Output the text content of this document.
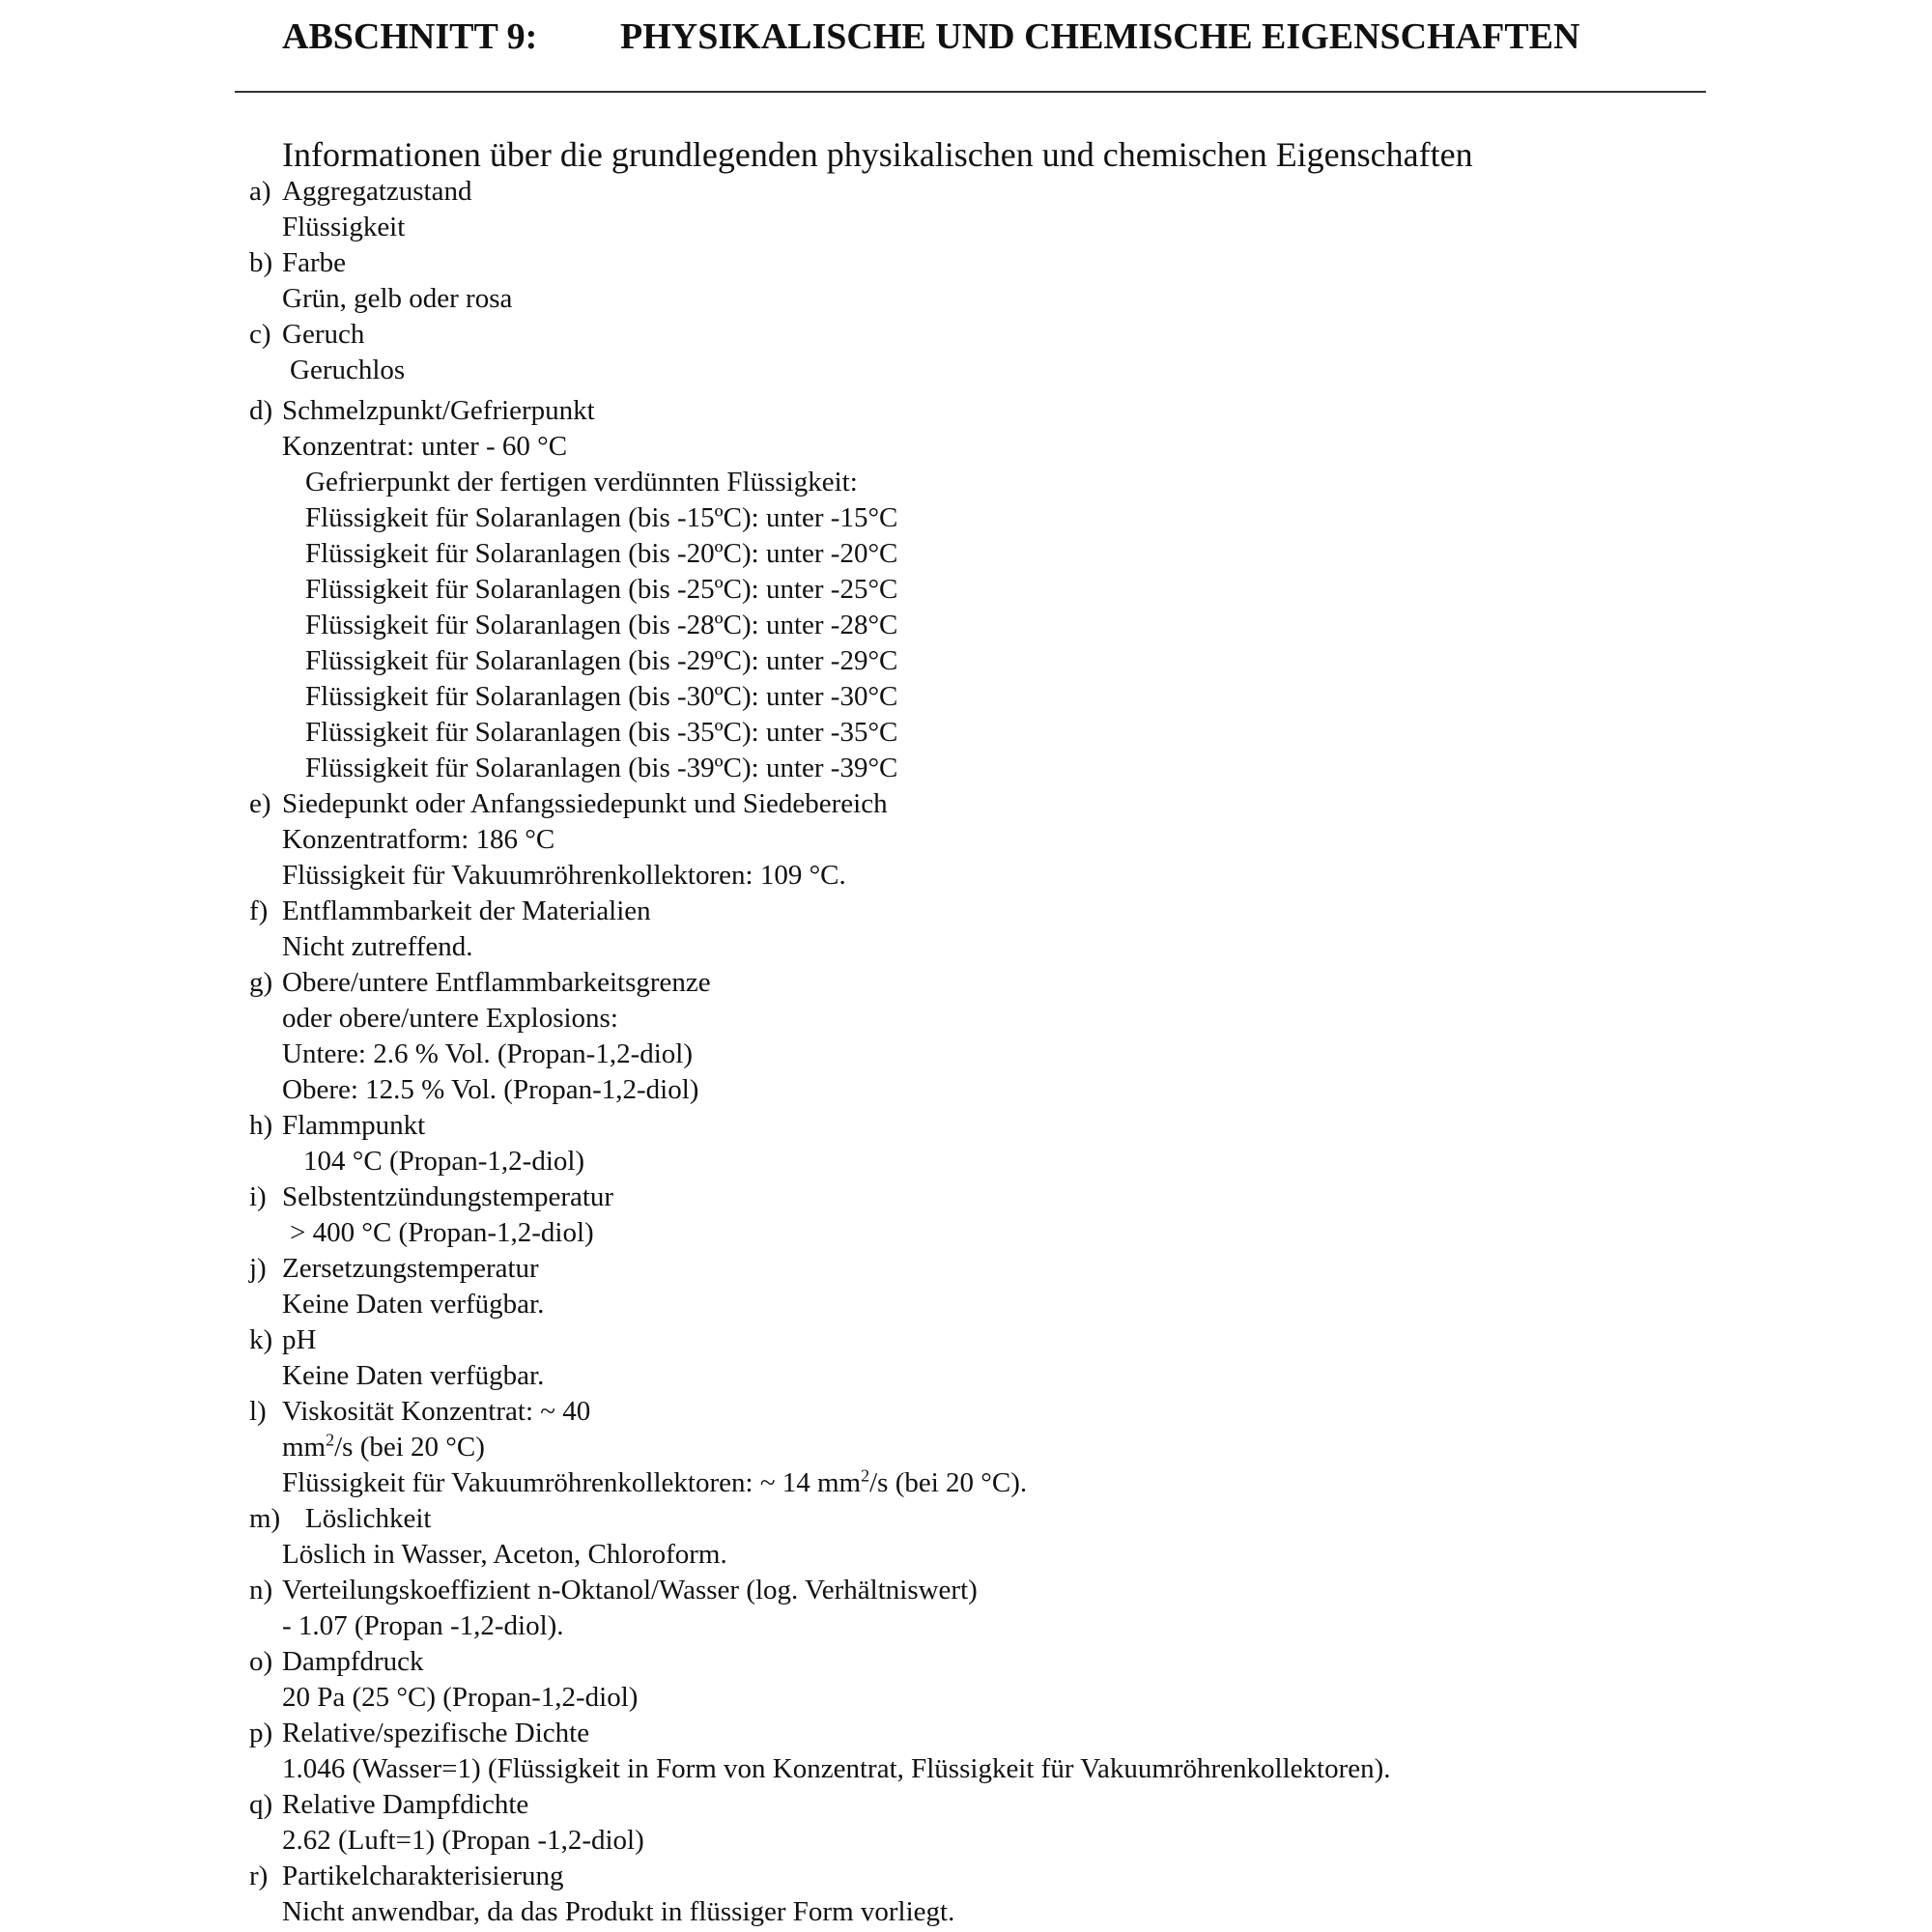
ABSCHNITT 9: PHYSIKALISCHE UND CHEMISCHE EIGENSCHAFTEN
Informationen über die grundlegenden physikalischen und chemischen Eigenschaften
a) Aggregatzustand
Flüssigkeit
b) Farbe
Grün, gelb oder rosa
c) Geruch
Geruchlos
d) Schmelzpunkt/Gefrierpunkt
Konzentrat: unter - 60 °C
Gefrierpunkt der fertigen verdünnten Flüssigkeit:
Flüssigkeit für Solaranlagen (bis -15ºC): unter -15°C
Flüssigkeit für Solaranlagen (bis -20ºC): unter -20°C
Flüssigkeit für Solaranlagen (bis -25ºC): unter -25°C
Flüssigkeit für Solaranlagen (bis -28ºC): unter -28°C
Flüssigkeit für Solaranlagen (bis -29ºC): unter -29°C
Flüssigkeit für Solaranlagen (bis -30ºC): unter -30°C
Flüssigkeit für Solaranlagen (bis -35ºC): unter -35°C
Flüssigkeit für Solaranlagen (bis -39ºC): unter -39°C
e) Siedepunkt oder Anfangssiedepunkt und Siedebereich
Konzentratform: 186 °C
Flüssigkeit für Vakuumröhrenkollektoren: 109 °C.
f) Entflammbarkeit der Materialien
Nicht zutreffend.
g) Obere/untere Entflammbarkeitsgrenze
oder obere/untere Explosions:
Untere: 2.6 % Vol. (Propan-1,2-diol)
Obere: 12.5 % Vol. (Propan-1,2-diol)
h) Flammpunkt
104 °C (Propan-1,2-diol)
i) Selbstentzündungstemperatur
> 400 °C (Propan-1,2-diol)
j) Zersetzungstemperatur
Keine Daten verfügbar.
k) pH
Keine Daten verfügbar.
l) Viskosität Konzentrat: ~ 40
$mm^2/s$ (bei 20 °C)
Flüssigkeit für Vakuumröhrenkollektoren: ~ 14 $mm^2/s$ (bei 20 °C).
m) Löslichkeit
Löslich in Wasser, Aceton, Chloroform.
n) Verteilungskoeffizient n-Oktanol/Wasser (log. Verhältniswert)
- 1.07 (Propan -1,2-diol).
o) Dampfdruck
20 Pa (25 °C) (Propan-1,2-diol)
p) Relative/spezifische Dichte
1.046 (Wasser=1) (Flüssigkeit in Form von Konzentrat, Flüssigkeit für Vakuumröhrenkollektoren).
q) Relative Dampfdichte
2.62 (Luft=1) (Propan -1,2-diol)
r) Partikelcharakterisierung
Nicht anwendbar, da das Produkt in flüssiger Form vorliegt.
